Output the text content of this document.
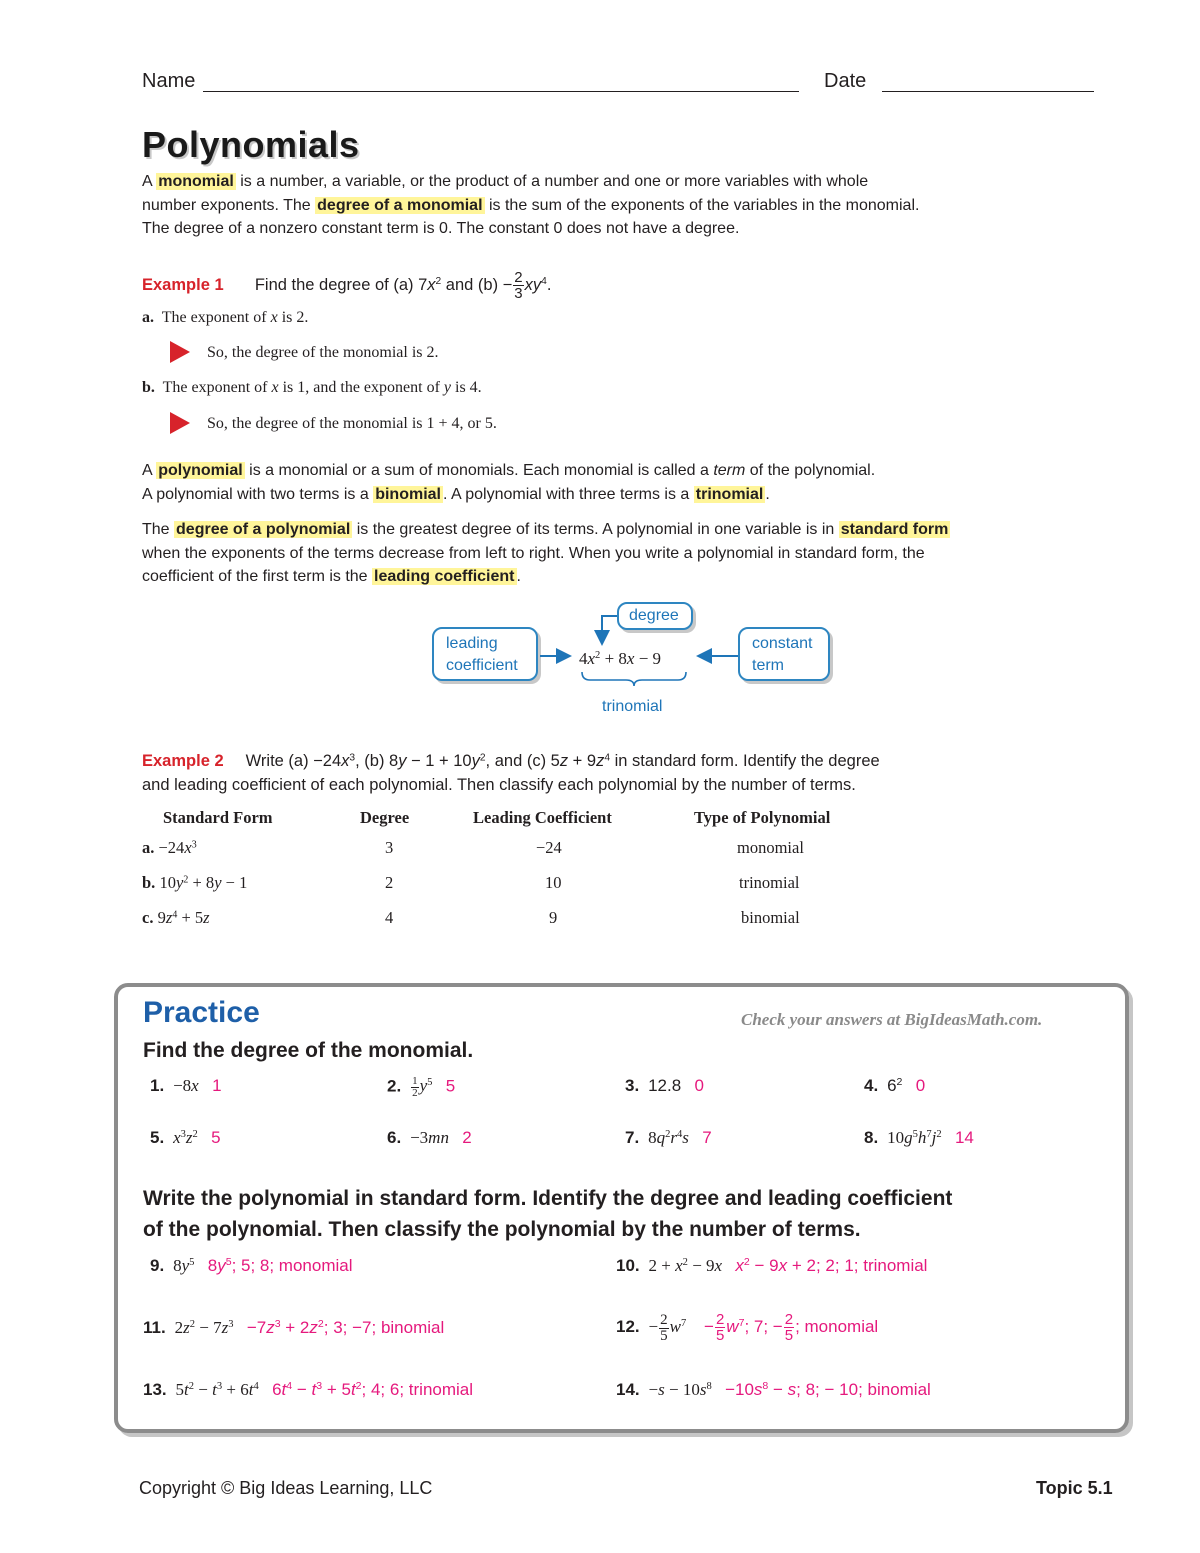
Name	Date
Polynomials
A monomial is a number, a variable, or the product of a number and one or more variables with whole
number exponents. The degree of a monomial is the sum of the exponents of the variables in the monomial.
The degree of a nonzero constant term is 0. The constant 0 does not have a degree.
Example 1 Find the degree of (a) $7x^2$ and $(b) - \frac{2}{3} xy^4$.
a. The exponent of x is 2.
So, the degree of the monomial is 2.
b. The exponent of x is 1, and the exponent of y is 4.
So, the degree of the monomial is 1 + 4, or 5.
A polynomial is a monomial or a sum of monomials. Each monomial is called a term of the polynomial.
A polynomial with two terms is a binomial . A polynomial with three terms is a trinomial .
The degree of a polynomial is the greatest degree of its terms. A polynomial in one variable is in standard form
when the exponents of the terms decrease from left to right. When you write a polynomial in standard form, the
coefficient of the first term is the leading coefficient .
degree
leading
coefficient
constant
term
$4x^2 + 8x - 9$
trinomial
Example 2 Write $(a) -24x^3$, (b) $8y - 1 + 10y^2$, and (c) $5z + 9z^4$ in standard form. Identify the degree
and leading coefficient of each polynomial. Then classify each polynomial by the number of terms.
Standard Form	Degree	Leading Coefficient	Type of Polynomial
a. $-24x^3$	3	−24	monomial
b. $10y^2 + 8y - 1$	2	10	trinomial
c. $9z^4 + 5z$	4	9	binomial
Practice	Check your answers at BigIdeasMath.com.
Find the degree of the monomial.
1. −8x 1	2. $\frac{1}{2} y^5$ 5	3. 12.8 0	4. $6^2$ 0
5. $x^3z^2$ 5	6. −3mn 2	7. $8q^2r^4s$ 7	8. $10g^5h^7j^2$ 14
Write the polynomial in standard form. Identify the degree and leading coefficient
of the polynomial. Then classify the polynomial by the number of terms.
9. $8y^5$ $8y^5$; 5; 8; monomial	10. $2 + x^2 - 9x$ $x^2 - 9x + 2$; 2; 1; trinomial
11. $2z^2 - 7z^3 -7z^3 + 2z^2$; 3; −7; binomial	12. − $\frac{2}{5} w^7 - \frac{2}{5} w^7$; 7; − $\frac{2}{5}$ ; monomial
13. $5t^2 - t^3 + 6t^4$ $6t^4 - t^3 + 5t^2$; 4; 6; trinomial	14. $-s - 10s^8 -10s^8 - s$; 8; − 10; binomial
Copyright © Big Ideas Learning, LLC	Topic 5.1
